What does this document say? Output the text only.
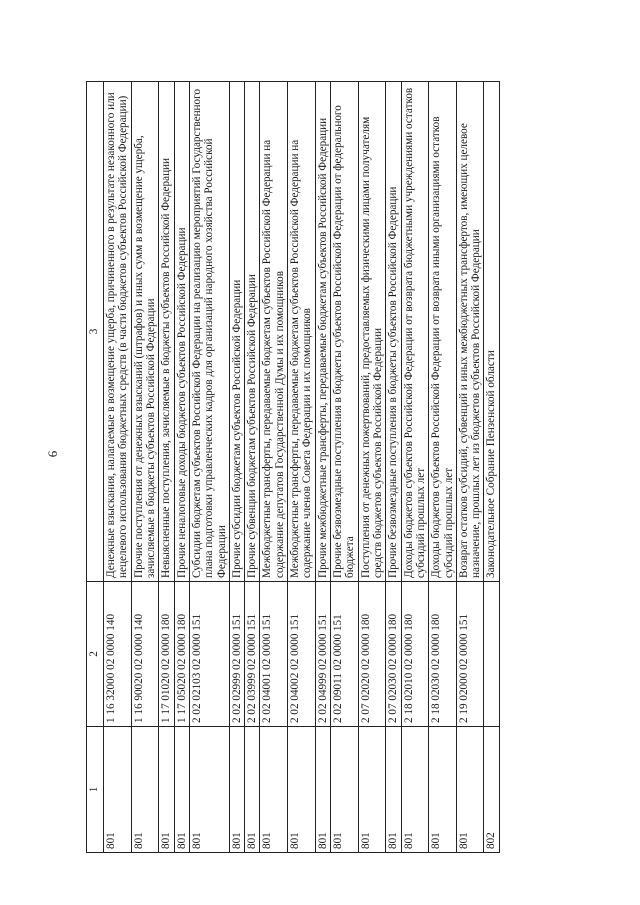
6
1	2	3
801	1 16 32000 02 0000 140	Денежные взыскания, налагаемые в возмещение ущерба, причиненного в результате незаконного или нецелевого использования бюджетных средств (в части бюджетов субъектов Российской Федерации)
801	1 16 90020 02 0000 140	Прочие поступления от денежных взысканий (штрафов) и иных сумм в возмещение ущерба, зачисляемые в бюджеты субъектов Российской Федерации
801	1 17 01020 02 0000 180	Невыясненные поступления, зачисляемые в бюджеты субъектов Российской Федерации
801	1 17 05020 02 0000 180	Прочие неналоговые доходы бюджетов субъектов Российской Федерации
801	2 02 02103 02 0000 151	Субсидии бюджетам субъектов Российской Федерации на реализацию мероприятий Государственного плана подготовки управленческих кадров для организаций народного хозяйства Российской Федерации
801	2 02 02999 02 0000 151	Прочие субсидии бюджетам субъектов Российской Федерации
801	2 02 03999 02 0000 151	Прочие субвенции бюджетам субъектов Российской Федерации
801	2 02 04001 02 0000 151	Межбюджетные трансферты, передаваемые бюджетам субъектов Российской Федерации на содержание депутатов Государственной Думы и их помощников
801	2 02 04002 02 0000 151	Межбюджетные трансферты, передаваемые бюджетам субъектов Российской Федерации на содержание членов Совета Федерации и их помощников
801	2 02 04999 02 0000 151	Прочие межбюджетные трансферты, передаваемые бюджетам субъектов Российской Федерации
801	2 02 09011 02 0000 151	Прочие безвозмездные поступления в бюджеты субъектов Российской Федерации от федерального бюджета
801	2 07 02020 02 0000 180	Поступления от денежных пожертвований, предоставляемых физическими лицами получателям средств бюджетов субъектов Российской Федерации
801	2 07 02030 02 0000 180	Прочие безвозмездные поступления в бюджеты субъектов Российской Федерации
801	2 18 02010 02 0000 180	Доходы бюджетов субъектов Российской Федерации от возврата бюджетными учреждениями остатков субсидий прошлых лет
801	2 18 02030 02 0000 180	Доходы бюджетов субъектов Российской Федерации от возврата иными организациями остатков субсидий прошлых лет
801	2 19 02000 02 0000 151	Возврат остатков субсидий, субвенций и иных межбюджетных трансфертов, имеющих целевое назначение, прошлых лет из бюджетов субъектов Российской Федерации
802		Законодательное Собрание Пензенской области
